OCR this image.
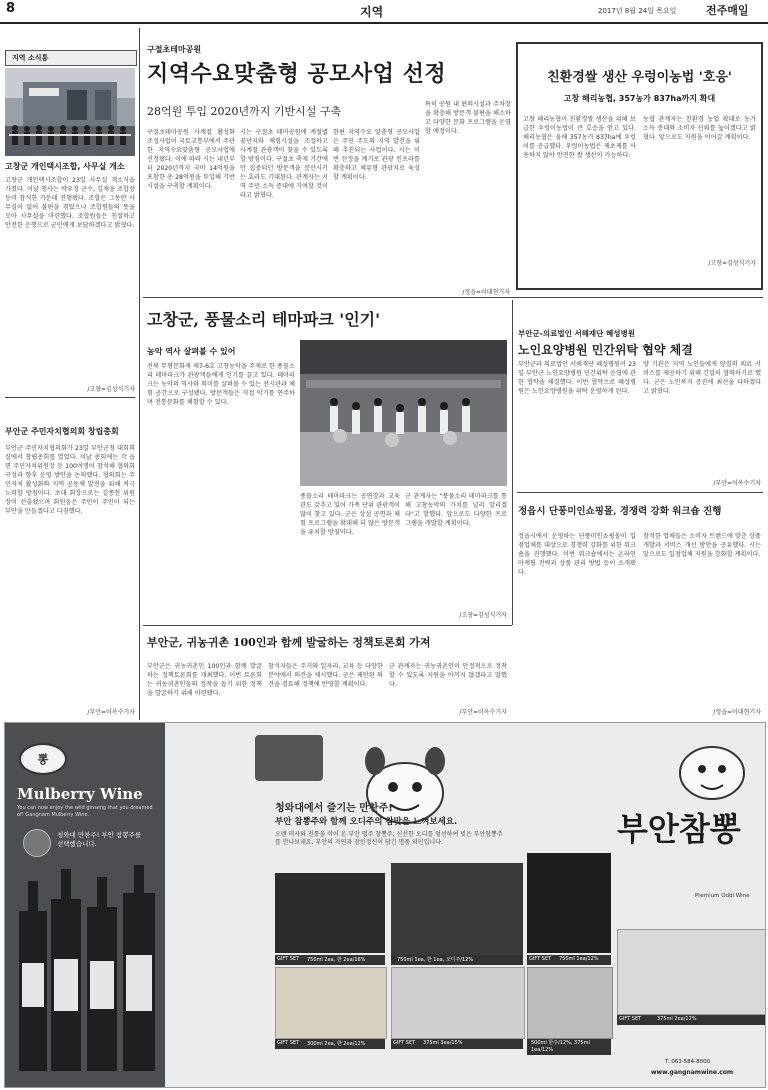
8	지역	2017년 8월 24일 목요일	전주매일
지역 소식통
고창군 개인택시조합, 사무실 개소
고창군 개인택시조합이 23일 사무실 개소식을 가졌다. 이날 행사는 박우정 군수, 김재웅 조합장 등이 참석한 가운데 진행됐다. 조합은 그동안 사무실이 없어 불편을 겪었으나 조합원들의 뜻을 모아 사무실을 마련했다. 조합원들은 친절하고 안전한 운행으로 군민에게 보답하겠다고 밝혔다.
/고창=김성식기자
부안군 주민자치협의회 창립총회
부안군 주민자치협의회가 23일 부안군청 대회의실에서 창립총회를 열었다. 이날 총회에는 각 읍면 주민자치위원장 등 100여명이 참석해 협의회 구성과 향후 운영 방안을 논의했다. 협의회는 주민자치 활성화와 지역 공동체 발전을 위해 적극 노력할 방침이다. 초대 회장으로는 김종천 위원장이 선출됐으며 회원들은 주민이 주인이 되는 부안을 만들겠다고 다짐했다.
/부안=이옥수기자
구절초테마공원
지역수요맞춤형 공모사업 선정
28억원 투입 2020년까지 기반시설 구축
구절초테마공원 사계절 활성화 조성사업이 국토교통부에서 주관한 지역수요맞춤형 공모사업에 선정됐다. 이에 따라 시는 내년부터 2020년까지 국비 14억원을 포함한 총 28억원을 투입해 기반시설을 구축할 계획이다.
시는 구절초 테마공원에 계절별 꽃단지와 체험시설을 조성하고 사계절 관광객이 찾을 수 있도록 할 방침이다. 구절초 축제 기간에만 집중되던 방문객을 분산시키는 효과도 기대된다. 관계자는 지역 주민 소득 증대에 기여할 것이라고 밝혔다.
한편 지역수요 맞춤형 공모사업은 주민 주도의 지역 발전을 위해 추진되는 사업이다. 시는 이번 선정을 계기로 관광 인프라를 확충하고 체류형 관광지로 육성할 계획이다.
특히 공원 내 편의시설과 주차장을 확충해 방문객 불편을 해소하고 다양한 문화 프로그램을 운영할 예정이다.
/정읍=이대현기자
친환경쌀 생산 우렁이농법 '호응'
고창 해리농협, 357농가 837ha까지 확대
고창 해리농협이 친환경쌀 생산을 위해 보급한 우렁이농법이 큰 호응을 얻고 있다. 해리농협은 올해 357농가 837ha에 우렁이를 공급했다. 우렁이농법은 제초제를 사용하지 않아 안전한 쌀 생산이 가능하다.
농협 관계자는 친환경 농업 확대로 농가 소득 증대와 소비자 신뢰를 높이겠다고 밝혔다. 앞으로도 지원을 이어갈 계획이다.
/고창=김성식기자
고창군, 풍물소리 테마파크 '인기'
농악 역사 살펴볼 수 있어
전북 무형문화재 제7-6호 고창농악을 주제로 한 풍물소리 테마파크가 관광객들에게 인기를 끌고 있다. 테마파크는 농악의 역사와 의미를 살펴볼 수 있는 전시관과 체험 공간으로 구성됐다. 방문객들은 직접 악기를 연주하며 전통문화를 체험할 수 있다.
풍물소리 테마파크는 공연장과 교육관도 갖추고 있어 가족 단위 관광객이 많이 찾고 있다. 군은 상설 공연과 체험 프로그램을 확대해 더 많은 방문객을 유치할 방침이다.
군 관계자는 "풍물소리 테마파크를 통해 고창농악의 가치를 널리 알리겠다"고 말했다. 앞으로도 다양한 프로그램을 개발할 계획이다.
/고창=김성식기자
부안군-의료법인 서해재단 혜성병원
노인요양병원 민간위탁 협약 체결
부안군과 의료법인 서해재단 혜성병원이 23일 부안군 노인요양병원 민간위탁 운영에 관한 협약을 체결했다. 이번 협약으로 혜성병원은 노인요양병원을 위탁 운영하게 된다.
양 기관은 지역 노인들에게 양질의 의료 서비스를 제공하기 위해 긴밀히 협력하기로 했다. 군은 노인복지 증진에 최선을 다하겠다고 밝혔다.
/부안=이옥수기자
정읍시 단풍미인쇼핑몰, 경쟁력 강화 워크숍 진행
정읍시에서 운영하는 단풍미인쇼핑몰이 입점업체를 대상으로 경쟁력 강화를 위한 워크숍을 진행했다. 이번 워크숍에서는 온라인 마케팅 전략과 상품 관리 방법 등이 소개됐다.
참석한 업체들은 소비자 트렌드에 맞춘 상품 개발과 서비스 개선 방안을 공유했다. 시는 앞으로도 입점업체 지원을 강화할 계획이다.
/정읍=이대현기자
부안군, 귀농귀촌 100인과 함께 발굴하는 정책토론회 가져
부안군은 귀농귀촌인 100인과 함께 발굴하는 정책토론회를 개최했다. 이번 토론회는 귀농귀촌인들의 정착을 돕기 위한 정책을 발굴하기 위해 마련됐다.
참석자들은 주거와 일자리, 교육 등 다양한 분야에서 의견을 제시했다. 군은 제안된 의견을 검토해 정책에 반영할 계획이다.
군 관계자는 귀농귀촌인이 안정적으로 정착할 수 있도록 지원을 아끼지 않겠다고 말했다.
/부안=이옥수기자
뽕
Mulberry Wine
You can now enjoy the wild ginseng that you dreamed of! Gangnam Mulberry Wine.
청와대 만찬주! 부안 참뽕주를 선택했습니다.
청와대에서 즐기는 만찬주!
부안 참뽕주와 함께 오디주의 참맛을 느껴보세요.
오랜 역사와 전통을 이어 온 부안 명주 참뽕주, 신선한 오디를 엄선하여 빚은 부안참뽕주를 만나보세요. 부안의 자연과 장인정신이 담긴 명품 와인입니다.
GIFT SET 750ml 2ea, 한 2ea/16%	750ml 1ea, 한 1ea, 오디주/12%	GIFT SET 750ml 1ea/12%
GIFT SET 300ml 2ea, 한 2ea/12%	GIFT SET 375ml 3ea/15%	500ml 한주/12%, 375ml 1ea/12%
부안참뽕
Premium Oddi Wine
GIFT SET	375ml 2ea/12%
T. 063-584-8000
www.gangnamwine.com
